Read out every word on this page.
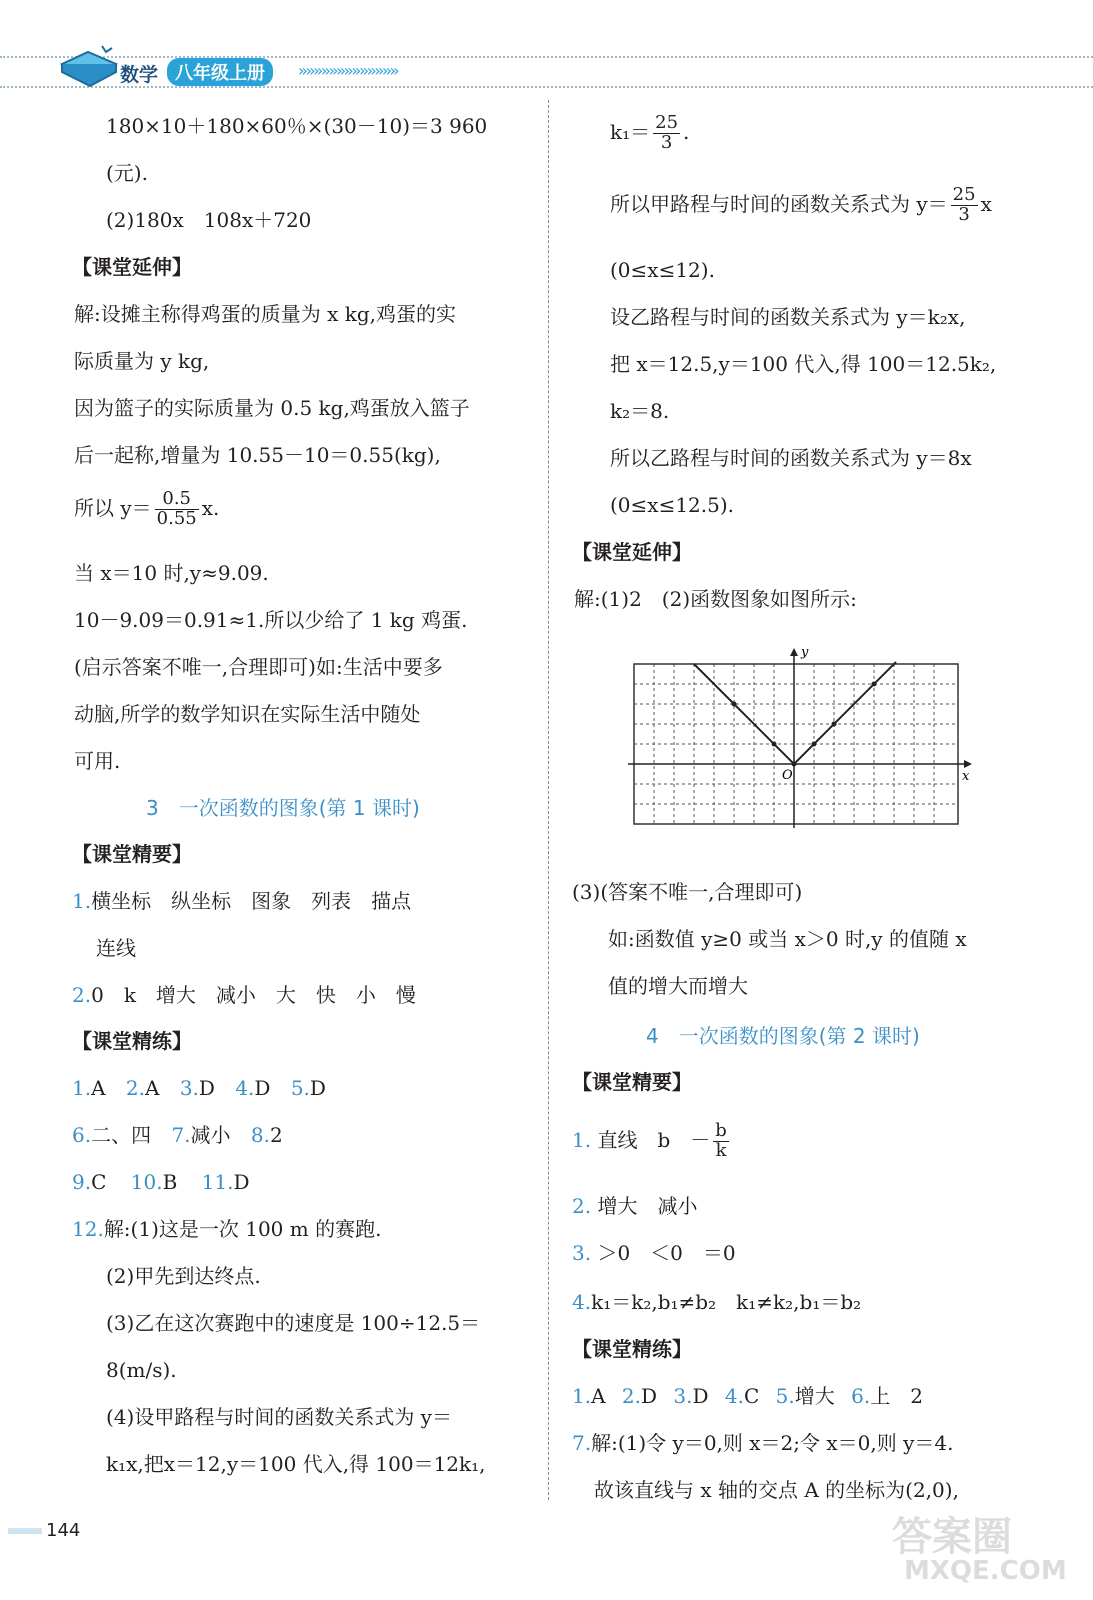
数学 八年级上册	»»»»»»»»»»»»»
180×10＋180×60％×(30－10)＝3 960
(元).
(2)180x　108x＋720
【课堂延伸】
解:设摊主称得鸡蛋的质量为 x kg,鸡蛋的实
际质量为 y kg,
因为篮子的实际质量为 0.5 kg,鸡蛋放入篮子
后一起称,增量为 10.55－10＝0.55(kg),
所以 $y= \frac{0.5}{0.55} x$.
当 x＝10 时,y≈9.09.
10－9.09＝0.91≈1.所以少给了 1 kg 鸡蛋.
(启示答案不唯一,合理即可)如:生活中要多
动脑,所学的数学知识在实际生活中随处
可用.
3　一次函数的图象(第 1 课时)
【课堂精要】
1.横坐标　纵坐标　图象　列表　描点
连线
2.0　k　增大　减小　大　快　小　慢
【课堂精练】
1.A 2.A 3.D 4.D 5.D
6.二、四 7.减小 8.2
9.C 10.B 11.D
12.解:(1)这是一次 100 m 的赛跑.
(2)甲先到达终点.
(3)乙在这次赛跑中的速度是 100÷12.5＝
8(m/s).
(4)设甲路程与时间的函数关系式为 y＝
k₁x,把x＝12,y＝100 代入,得 100＝12k₁,
$k_1= \frac{25}{3}$ .
所以甲路程与时间的函数关系式为 $y= \frac{25}{3}$ x
(0≤x≤12).
设乙路程与时间的函数关系式为 y＝k₂x,
把 x＝12.5,y＝100 代入,得 100＝12.5k₂,
k₂＝8.
所以乙路程与时间的函数关系式为 y＝8x
(0≤x≤12.5).
【课堂延伸】
解:(1)2　(2)函数图象如图所示:
y
x
O
(3)(答案不唯一,合理即可)
如:函数值 y≥0 或当 x＞0 时,y 的值随 x
值的增大而增大
4　一次函数的图象(第 2 课时)
【课堂精要】
1. 直线　b　－ $\frac{b}{k}$
2. 增大　减小
3. ＞0　＜0　＝0
4.k₁＝k₂,b₁≠b₂　k₁≠k₂,b₁＝b₂
【课堂精练】
1.A 2.D 3.D 4.C 5.增大 6.上　2
7.解:(1)令 y＝0,则 x＝2;令 x＝0,则 y＝4.
故该直线与 x 轴的交点 A 的坐标为(2,0),
144	答案圈
MXQE.COM
